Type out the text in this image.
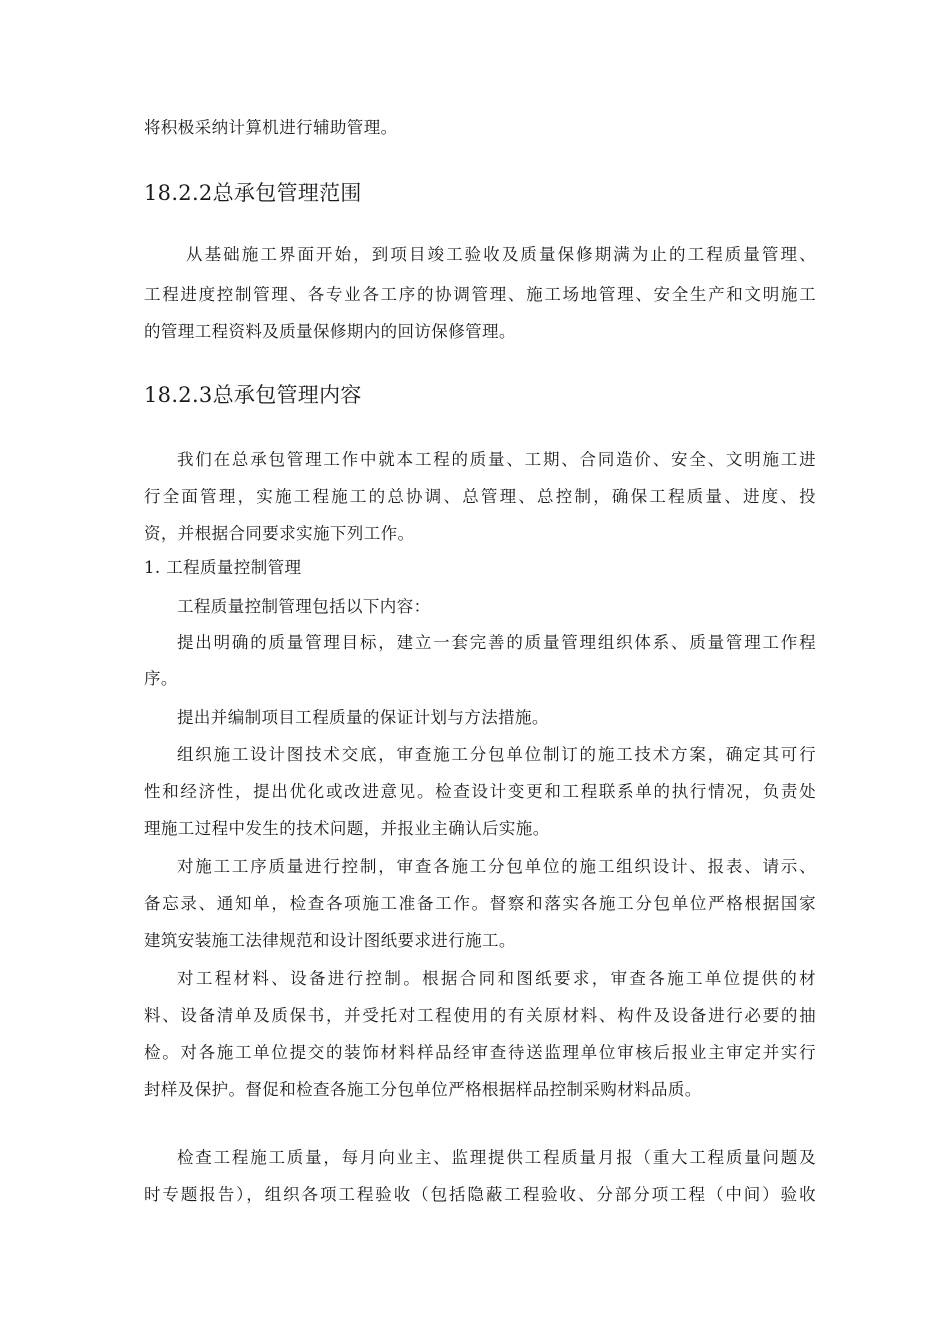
将积极采纳计算机进行辅助管理。
18.2.2总承包管理范围
从基础施工界面开始，到项目竣工验收及质量保修期满为止的工程质量管理、
工程进度控制管理、各专业各工序的协调管理、施工场地管理、安全生产和文明施工
的管理工程资料及质量保修期内的回访保修管理。
18.2.3总承包管理内容
我们在总承包管理工作中就本工程的质量、工期、合同造价、安全、文明施工进
行全面管理，实施工程施工的总协调、总管理、总控制，确保工程质量、进度、投
资，并根据合同要求实施下列工作。
1. 工程质量控制管理
工程质量控制管理包括以下内容：
提出明确的质量管理目标，建立一套完善的质量管理组织体系、质量管理工作程
序。
提出并编制项目工程质量的保证计划与方法措施。
组织施工设计图技术交底，审查施工分包单位制订的施工技术方案，确定其可行
性和经济性，提出优化或改进意见。检查设计变更和工程联系单的执行情况，负责处
理施工过程中发生的技术问题，并报业主确认后实施。
对施工工序质量进行控制，审查各施工分包单位的施工组织设计、报表、请示、
备忘录、通知单，检查各项施工准备工作。督察和落实各施工分包单位严格根据国家
建筑安装施工法律规范和设计图纸要求进行施工。
对工程材料、设备进行控制。根据合同和图纸要求，审查各施工单位提供的材
料、设备清单及质保书，并受托对工程使用的有关原材料、构件及设备进行必要的抽
检。对各施工单位提交的装饰材料样品经审查待送监理单位审核后报业主审定并实行
封样及保护。督促和检查各施工分包单位严格根据样品控制采购材料品质。
检查工程施工质量，每月向业主、监理提供工程质量月报（重大工程质量问题及
时专题报告），组织各项工程验收（包括隐蔽工程验收、分部分项工程（中间）验收
